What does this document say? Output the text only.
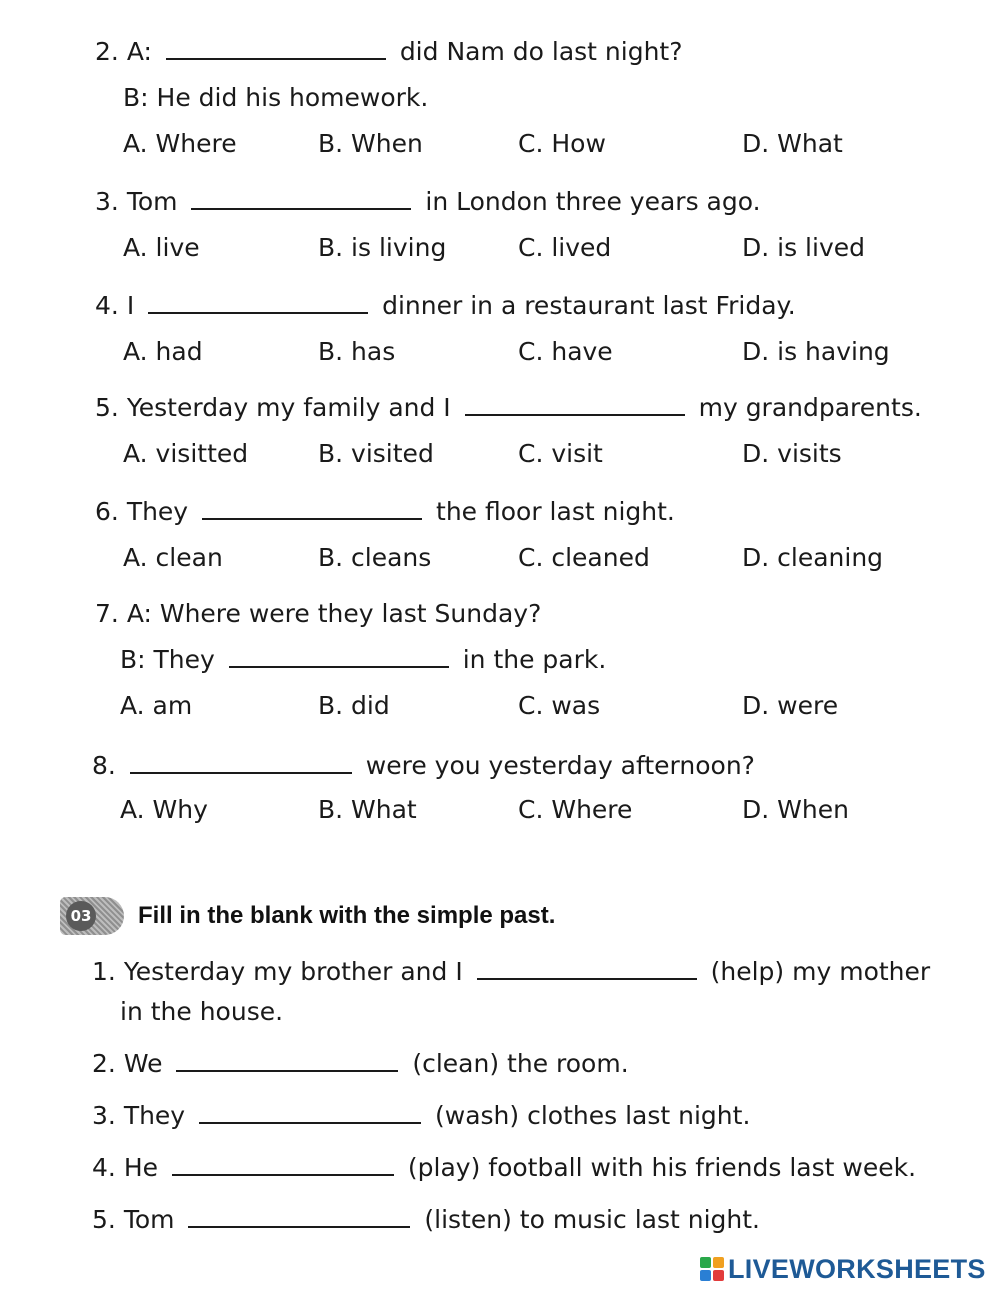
2. A:	did Nam do last night?
B: He did his homework.
A. Where	B. When	C. How	D. What
3. Tom	in London three years ago.
A. live	B. is living	C. lived	D. is lived
4. I	dinner in a restaurant last Friday.
A. had	B. has	C. have	D. is having
5. Yesterday my family and I	my grandparents.
A. visitted	B. visited	C. visit	D. visits
6. They	the floor last night.
A. clean	B. cleans	C. cleaned	D. cleaning
7. A: Where were they last Sunday?
B: They	in the park.
A. am	B. did	C. was	D. were
8.	were you yesterday afternoon?
A. Why	B. What	C. Where	D. When
03 Fill in the blank with the simple past.
1. Yesterday my brother and I	(help) my mother
in the house.
2. We	(clean) the room.
3. They	(wash) clothes last night.
4. He	(play) football with his friends last week.
5. Tom	(listen) to music last night.
LIVEWORKSHEETS
